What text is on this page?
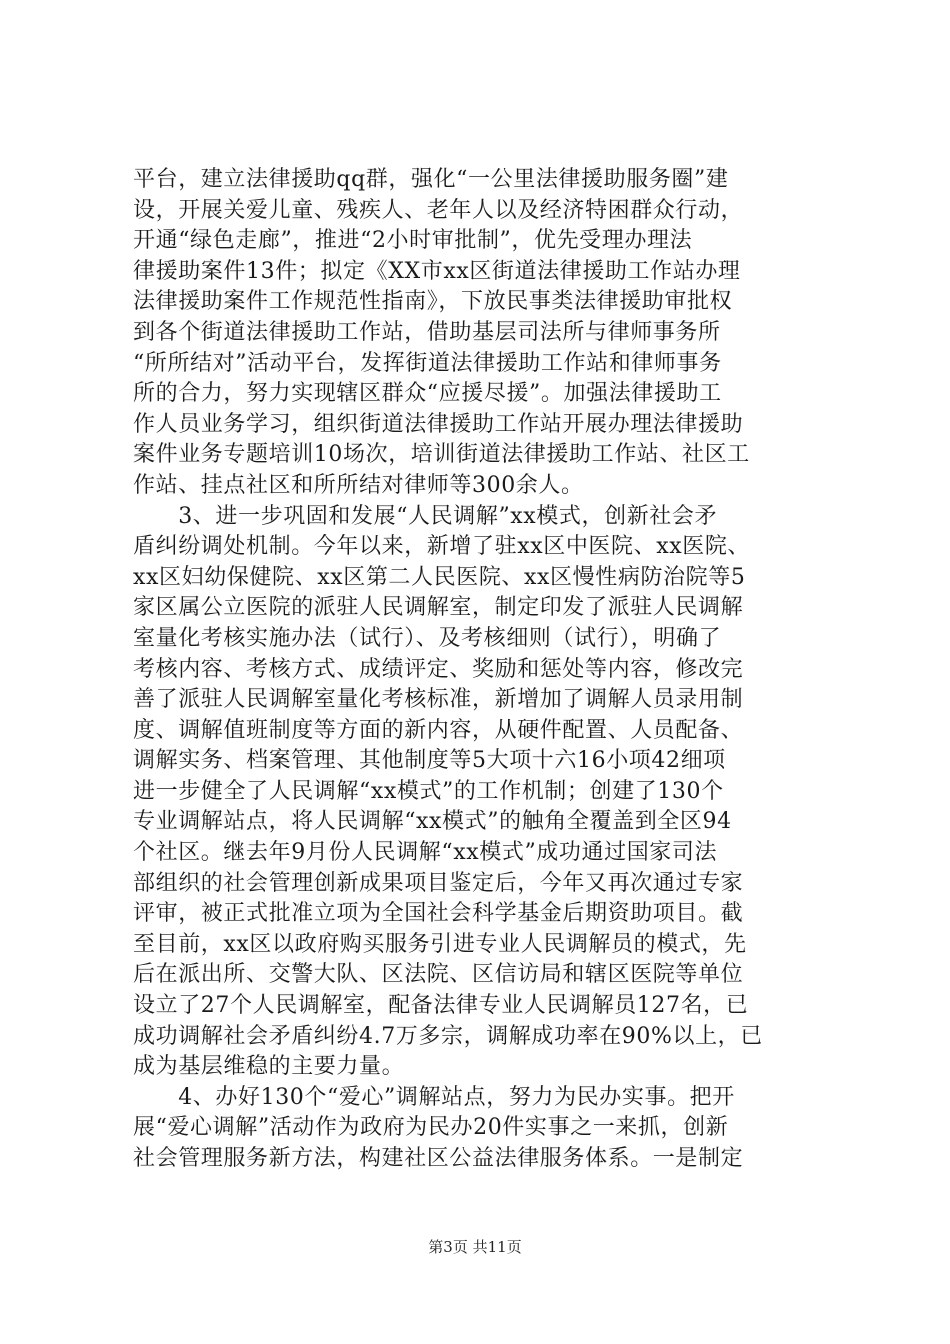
平台，建立法律援助qq群，强化“一公里法律援助服务圈”建
设，开展关爱儿童、残疾人、老年人以及经济特困群众行动，
开通“绿色走廊”，推进“2小时审批制”，优先受理办理法
律援助案件13件；拟定《XX市xx区街道法律援助工作站办理
法律援助案件工作规范性指南》，下放民事类法律援助审批权
到各个街道法律援助工作站，借助基层司法所与律师事务所
“所所结对”活动平台，发挥街道法律援助工作站和律师事务
所的合力，努力实现辖区群众“应援尽援”。加强法律援助工
作人员业务学习，组织街道法律援助工作站开展办理法律援助
案件业务专题培训10场次，培训街道法律援助工作站、社区工
作站、挂点社区和所所结对律师等300余人。
　　3、进一步巩固和发展“人民调解”xx模式，创新社会矛
盾纠纷调处机制。今年以来，新增了驻xx区中医院、xx医院、
xx区妇幼保健院、xx区第二人民医院、xx区慢性病防治院等5
家区属公立医院的派驻人民调解室，制定印发了派驻人民调解
室量化考核实施办法（试行）、及考核细则（试行），明确了
考核内容、考核方式、成绩评定、奖励和惩处等内容，修改完
善了派驻人民调解室量化考核标准，新增加了调解人员录用制
度、调解值班制度等方面的新内容，从硬件配置、人员配备、
调解实务、档案管理、其他制度等5大项十六16小项42细项
进一步健全了人民调解“xx模式”的工作机制；创建了130个
专业调解站点，将人民调解“xx模式”的触角全覆盖到全区94
个社区。继去年9月份人民调解“xx模式”成功通过国家司法
部组织的社会管理创新成果项目鉴定后，今年又再次通过专家
评审，被正式批准立项为全国社会科学基金后期资助项目。截
至目前，xx区以政府购买服务引进专业人民调解员的模式，先
后在派出所、交警大队、区法院、区信访局和辖区医院等单位
设立了27个人民调解室，配备法律专业人民调解员127名，已
成功调解社会矛盾纠纷4.7万多宗，调解成功率在90%以上，已
成为基层维稳的主要力量。
　　4、办好130个“爱心”调解站点，努力为民办实事。把开
展“爱心调解”活动作为政府为民办20件实事之一来抓，创新
社会管理服务新方法，构建社区公益法律服务体系。一是制定
第3页 共11页
